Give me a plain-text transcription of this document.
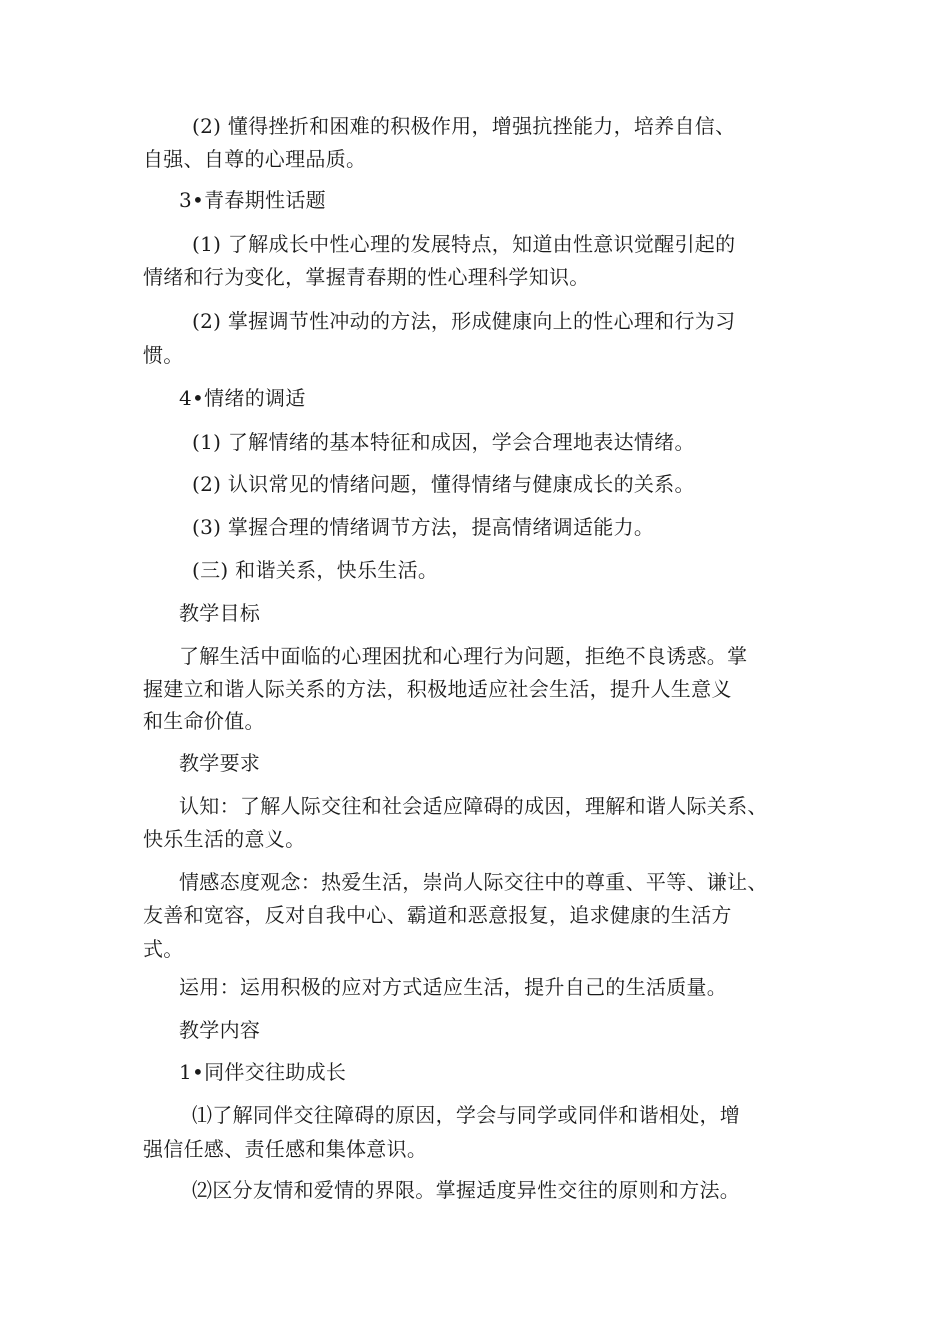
(2) 懂得挫折和困难的积极作用，增强抗挫能力，培养自信、
自强、自尊的心理品质。
3•青春期性话题
(1) 了解成长中性心理的发展特点，知道由性意识觉醒引起的
情绪和行为变化，掌握青春期的性心理科学知识。
(2) 掌握调节性冲动的方法，形成健康向上的性心理和行为习
惯。
4•情绪的调适
(1) 了解情绪的基本特征和成因，学会合理地表达情绪。
(2) 认识常见的情绪问题，懂得情绪与健康成长的关系。
(3) 掌握合理的情绪调节方法，提高情绪调适能力。
(三) 和谐关系，快乐生活。
教学目标
了解生活中面临的心理困扰和心理行为问题，拒绝不良诱惑。掌
握建立和谐人际关系的方法，积极地适应社会生活，提升人生意义
和生命价值。
教学要求
认知：了解人际交往和社会适应障碍的成因，理解和谐人际关系、
快乐生活的意义。
情感态度观念：热爱生活，崇尚人际交往中的尊重、平等、谦让、
友善和宽容，反对自我中心、霸道和恶意报复，追求健康的生活方
式。
运用：运用积极的应对方式适应生活，提升自己的生活质量。
教学内容
1•同伴交往助成长
⑴了解同伴交往障碍的原因，学会与同学或同伴和谐相处，增
强信任感、责任感和集体意识。
⑵区分友情和爱情的界限。掌握适度异性交往的原则和方法。
